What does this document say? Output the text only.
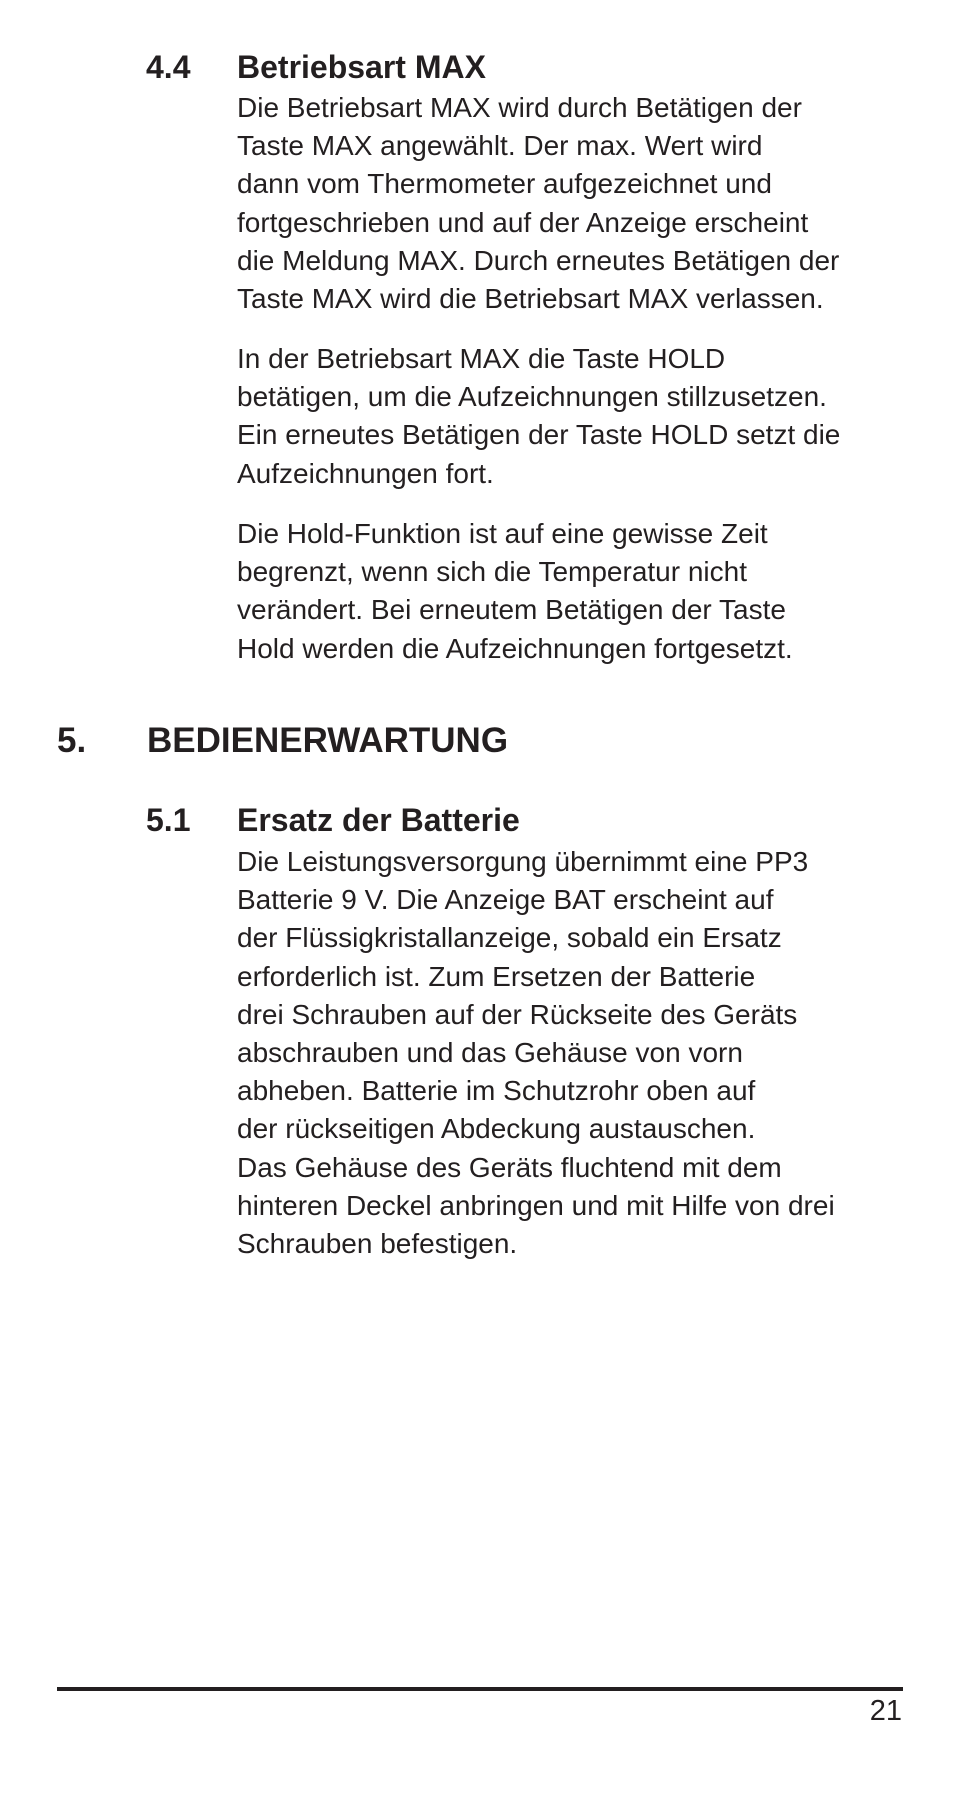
4.4 Betriebsart MAX

Die Betriebsart MAX wird durch Betätigen der
Taste MAX angewählt. Der max. Wert wird
dann vom Thermometer aufgezeichnet und
fortgeschrieben und auf der Anzeige erscheint
die Meldung MAX. Durch erneutes Betätigen der
Taste MAX wird die Betriebsart MAX verlassen.

In der Betriebsart MAX die Taste HOLD
betätigen, um die Aufzeichnungen stillzusetzen.
Ein erneutes Betätigen der Taste HOLD setzt die
Aufzeichnungen fort.

Die Hold-Funktion ist auf eine gewisse Zeit
begrenzt, wenn sich die Temperatur nicht
verändert. Bei erneutem Betätigen der Taste
Hold werden die Aufzeichnungen fortgesetzt.

5. BEDIENERWARTUNG
5.1 Ersatz der Batterie

Die Leistungsversorgung übernimmt eine PP3
Batterie 9 V. Die Anzeige BAT erscheint auf
der Flüssigkristallanzeige, sobald ein Ersatz
erforderlich ist. Zum Ersetzen der Batterie
drei Schrauben auf der Rückseite des Geräts
abschrauben und das Gehäuse von vorn
abheben. Batterie im Schutzrohr oben auf
der rückseitigen Abdeckung austauschen.
Das Gehäuse des Geräts fluchtend mit dem
hinteren Deckel anbringen und mit Hilfe von drei
Schrauben befestigen.

21
